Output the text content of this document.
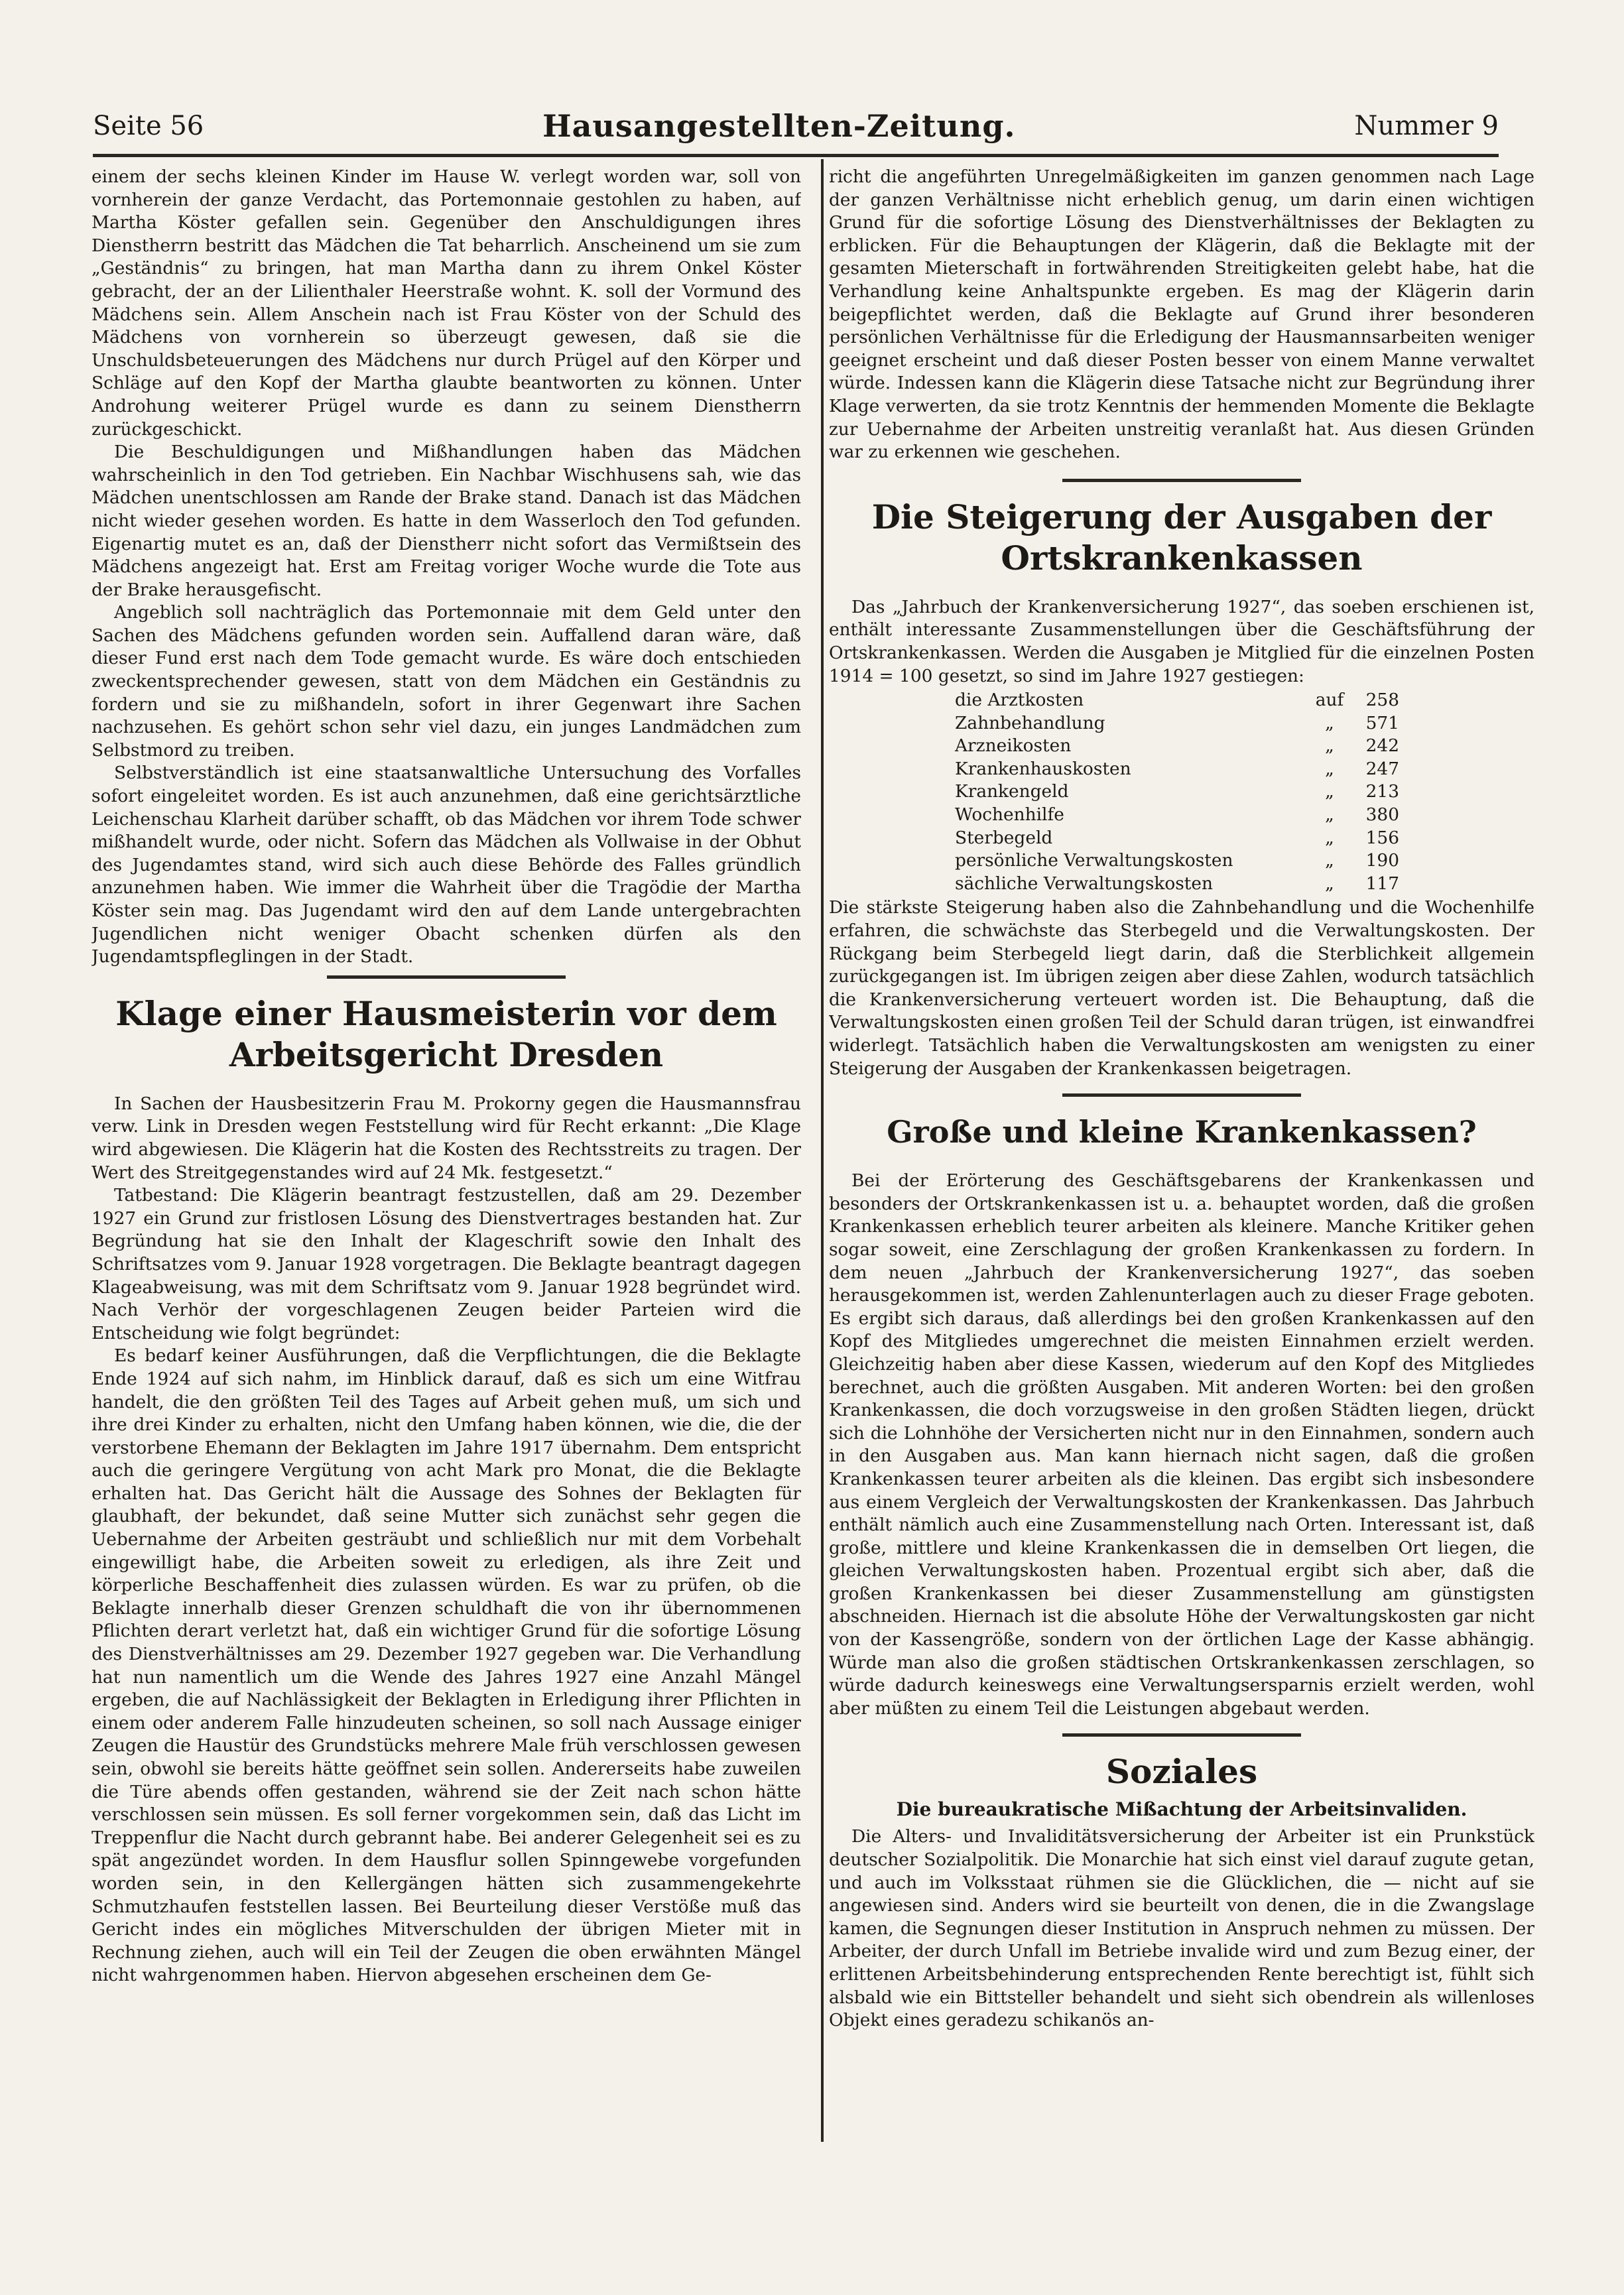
Seite 56	Hausangestellten-Zeitung.	Nummer 9

einem der sechs kleinen Kinder im Hause W. verlegt worden war, soll von vornherein der ganze Verdacht, das Portemonnaie gestohlen zu haben, auf Martha Köster gefallen sein. Gegenüber den Anschuldigungen ihres Dienstherrn bestritt das Mädchen die Tat beharrlich. Anscheinend um sie zum „Geständnis“ zu bringen, hat man Martha dann zu ihrem Onkel Köster gebracht, der an der Lilienthaler Heerstraße wohnt. K. soll der Vormund des Mädchens sein. Allem Anschein nach ist Frau Köster von der Schuld des Mädchens von vornherein so überzeugt gewesen, daß sie die Unschuldsbeteuerungen des Mädchens nur durch Prügel auf den Körper und Schläge auf den Kopf der Martha glaubte beantworten zu können. Unter Androhung weiterer Prügel wurde es dann zu seinem Dienstherrn zurückgeschickt.

Die Beschuldigungen und Mißhandlungen haben das Mädchen wahrscheinlich in den Tod getrieben. Ein Nachbar Wischhusens sah, wie das Mädchen unentschlossen am Rande der Brake stand. Danach ist das Mädchen nicht wieder gesehen worden. Es hatte in dem Wasserloch den Tod gefunden. Eigenartig mutet es an, daß der Dienstherr nicht sofort das Vermißtsein des Mädchens angezeigt hat. Erst am Freitag voriger Woche wurde die Tote aus der Brake herausgefischt.

Angeblich soll nachträglich das Portemonnaie mit dem Geld unter den Sachen des Mädchens gefunden worden sein. Auffallend daran wäre, daß dieser Fund erst nach dem Tode gemacht wurde. Es wäre doch entschieden zweckentsprechender gewesen, statt von dem Mädchen ein Geständnis zu fordern und sie zu mißhandeln, sofort in ihrer Gegenwart ihre Sachen nachzusehen. Es gehört schon sehr viel dazu, ein junges Landmädchen zum Selbstmord zu treiben.

Selbstverständlich ist eine staatsanwaltliche Untersuchung des Vorfalles sofort eingeleitet worden. Es ist auch anzunehmen, daß eine gerichtsärztliche Leichenschau Klarheit darüber schafft, ob das Mädchen vor ihrem Tode schwer mißhandelt wurde, oder nicht. Sofern das Mädchen als Vollwaise in der Obhut des Jugendamtes stand, wird sich auch diese Behörde des Falles gründlich anzunehmen haben. Wie immer die Wahrheit über die Tragödie der Martha Köster sein mag. Das Jugendamt wird den auf dem Lande untergebrachten Jugendlichen nicht weniger Obacht schenken dürfen als den Jugendamtspfleglingen in der Stadt.

Klage einer Hausmeisterin vor dem Arbeitsgericht Dresden

In Sachen der Hausbesitzerin Frau M. Prokorny gegen die Hausmannsfrau verw. Link in Dresden wegen Feststellung wird für Recht erkannt: „Die Klage wird abgewiesen. Die Klägerin hat die Kosten des Rechtsstreits zu tragen. Der Wert des Streitgegenstandes wird auf 24 Mk. festgesetzt.“

Tatbestand: Die Klägerin beantragt festzustellen, daß am 29. Dezember 1927 ein Grund zur fristlosen Lösung des Dienstvertrages bestanden hat. Zur Begründung hat sie den Inhalt der Klageschrift sowie den Inhalt des Schriftsatzes vom 9. Januar 1928 vorgetragen. Die Beklagte beantragt dagegen Klageabweisung, was mit dem Schriftsatz vom 9. Januar 1928 begründet wird. Nach Verhör der vorgeschlagenen Zeugen beider Parteien wird die Entscheidung wie folgt begründet:

Es bedarf keiner Ausführungen, daß die Verpflichtungen, die die Beklagte Ende 1924 auf sich nahm, im Hinblick darauf, daß es sich um eine Witfrau handelt, die den größten Teil des Tages auf Arbeit gehen muß, um sich und ihre drei Kinder zu erhalten, nicht den Umfang haben können, wie die, die der verstorbene Ehemann der Beklagten im Jahre 1917 übernahm. Dem entspricht auch die geringere Vergütung von acht Mark pro Monat, die die Beklagte erhalten hat. Das Gericht hält die Aussage des Sohnes der Beklagten für glaubhaft, der bekundet, daß seine Mutter sich zunächst sehr gegen die Uebernahme der Arbeiten gesträubt und schließlich nur mit dem Vorbehalt eingewilligt habe, die Arbeiten soweit zu erledigen, als ihre Zeit und körperliche Beschaffenheit dies zulassen würden. Es war zu prüfen, ob die Beklagte innerhalb dieser Grenzen schuldhaft die von ihr übernommenen Pflichten derart verletzt hat, daß ein wichtiger Grund für die sofortige Lösung des Dienstverhältnisses am 29. Dezember 1927 gegeben war. Die Verhandlung hat nun namentlich um die Wende des Jahres 1927 eine Anzahl Mängel ergeben, die auf Nachlässigkeit der Beklagten in Erledigung ihrer Pflichten in einem oder anderem Falle hinzudeuten scheinen, so soll nach Aussage einiger Zeugen die Haustür des Grundstücks mehrere Male früh verschlossen gewesen sein, obwohl sie bereits hätte geöffnet sein sollen. Andererseits habe zuweilen die Türe abends offen gestanden, während sie der Zeit nach schon hätte verschlossen sein müssen. Es soll ferner vorgekommen sein, daß das Licht im Treppenflur die Nacht durch gebrannt habe. Bei anderer Gelegenheit sei es zu spät angezündet worden. In dem Hausflur sollen Spinngewebe vorgefunden worden sein, in den Kellergängen hätten sich zusammengekehrte Schmutzhaufen feststellen lassen. Bei Beurteilung dieser Verstöße muß das Gericht indes ein mögliches Mitverschulden der übrigen Mieter mit in Rechnung ziehen, auch will ein Teil der Zeugen die oben erwähnten Mängel nicht wahrgenommen haben. Hiervon abgesehen erscheinen dem Ge-

richt die angeführten Unregelmäßigkeiten im ganzen genommen nach Lage der ganzen Verhältnisse nicht erheblich genug, um darin einen wichtigen Grund für die sofortige Lösung des Dienstverhältnisses der Beklagten zu erblicken. Für die Behauptungen der Klägerin, daß die Beklagte mit der gesamten Mieterschaft in fortwährenden Streitigkeiten gelebt habe, hat die Verhandlung keine Anhaltspunkte ergeben. Es mag der Klägerin darin beigepflichtet werden, daß die Beklagte auf Grund ihrer besonderen persönlichen Verhältnisse für die Erledigung der Hausmannsarbeiten weniger geeignet erscheint und daß dieser Posten besser von einem Manne verwaltet würde. Indessen kann die Klägerin diese Tatsache nicht zur Begründung ihrer Klage verwerten, da sie trotz Kenntnis der hemmenden Momente die Beklagte zur Uebernahme der Arbeiten unstreitig veranlaßt hat. Aus diesen Gründen war zu erkennen wie geschehen.

Die Steigerung der Ausgaben der Ortskrankenkassen

Das „Jahrbuch der Krankenversicherung 1927“, das soeben erschienen ist, enthält interessante Zusammenstellungen über die Geschäftsführung der Ortskrankenkassen. Werden die Ausgaben je Mitglied für die einzelnen Posten 1914 = 100 gesetzt, so sind im Jahre 1927 gestiegen:

die Arztkosten	auf	258
Zahnbehandlung	„	571
Arzneikosten	„	242
Krankenhauskosten	„	247
Krankengeld	„	213
Wochenhilfe	„	380
Sterbegeld	„	156
persönliche Verwaltungskosten	„	190
sächliche Verwaltungskosten	„	117

Die stärkste Steigerung haben also die Zahnbehandlung und die Wochenhilfe erfahren, die schwächste das Sterbegeld und die Verwaltungskosten. Der Rückgang beim Sterbegeld liegt darin, daß die Sterblichkeit allgemein zurückgegangen ist. Im übrigen zeigen aber diese Zahlen, wodurch tatsächlich die Krankenversicherung verteuert worden ist. Die Behauptung, daß die Verwaltungskosten einen großen Teil der Schuld daran trügen, ist einwandfrei widerlegt. Tatsächlich haben die Verwaltungskosten am wenigsten zu einer Steigerung der Ausgaben der Krankenkassen beigetragen.

Große und kleine Krankenkassen?

Bei der Erörterung des Geschäftsgebarens der Krankenkassen und besonders der Ortskrankenkassen ist u. a. behauptet worden, daß die großen Krankenkassen erheblich teurer arbeiten als kleinere. Manche Kritiker gehen sogar soweit, eine Zerschlagung der großen Krankenkassen zu fordern. In dem neuen „Jahrbuch der Krankenversicherung 1927“, das soeben herausgekommen ist, werden Zahlenunterlagen auch zu dieser Frage geboten. Es ergibt sich daraus, daß allerdings bei den großen Krankenkassen auf den Kopf des Mitgliedes umgerechnet die meisten Einnahmen erzielt werden. Gleichzeitig haben aber diese Kassen, wiederum auf den Kopf des Mitgliedes berechnet, auch die größten Ausgaben. Mit anderen Worten: bei den großen Krankenkassen, die doch vorzugsweise in den großen Städten liegen, drückt sich die Lohnhöhe der Versicherten nicht nur in den Einnahmen, sondern auch in den Ausgaben aus. Man kann hiernach nicht sagen, daß die großen Krankenkassen teurer arbeiten als die kleinen. Das ergibt sich insbesondere aus einem Vergleich der Verwaltungskosten der Krankenkassen. Das Jahrbuch enthält nämlich auch eine Zusammenstellung nach Orten. Interessant ist, daß große, mittlere und kleine Krankenkassen die in demselben Ort liegen, die gleichen Verwaltungskosten haben. Prozentual ergibt sich aber, daß die großen Krankenkassen bei dieser Zusammenstellung am günstigsten abschneiden. Hiernach ist die absolute Höhe der Verwaltungskosten gar nicht von der Kassengröße, sondern von der örtlichen Lage der Kasse abhängig. Würde man also die großen städtischen Ortskrankenkassen zerschlagen, so würde dadurch keineswegs eine Verwaltungsersparnis erzielt werden, wohl aber müßten zu einem Teil die Leistungen abgebaut werden.

Soziales
Die bureaukratische Mißachtung der Arbeitsinvaliden.

Die Alters- und Invaliditätsversicherung der Arbeiter ist ein Prunkstück deutscher Sozialpolitik. Die Monarchie hat sich einst viel darauf zugute getan, und auch im Volksstaat rühmen sie die Glücklichen, die — nicht auf sie angewiesen sind. Anders wird sie beurteilt von denen, die in die Zwangslage kamen, die Segnungen dieser Institution in Anspruch nehmen zu müssen. Der Arbeiter, der durch Unfall im Betriebe invalide wird und zum Bezug einer, der erlittenen Arbeitsbehinderung entsprechenden Rente berechtigt ist, fühlt sich alsbald wie ein Bittsteller behandelt und sieht sich obendrein als willenloses Objekt eines geradezu schikanös an-
